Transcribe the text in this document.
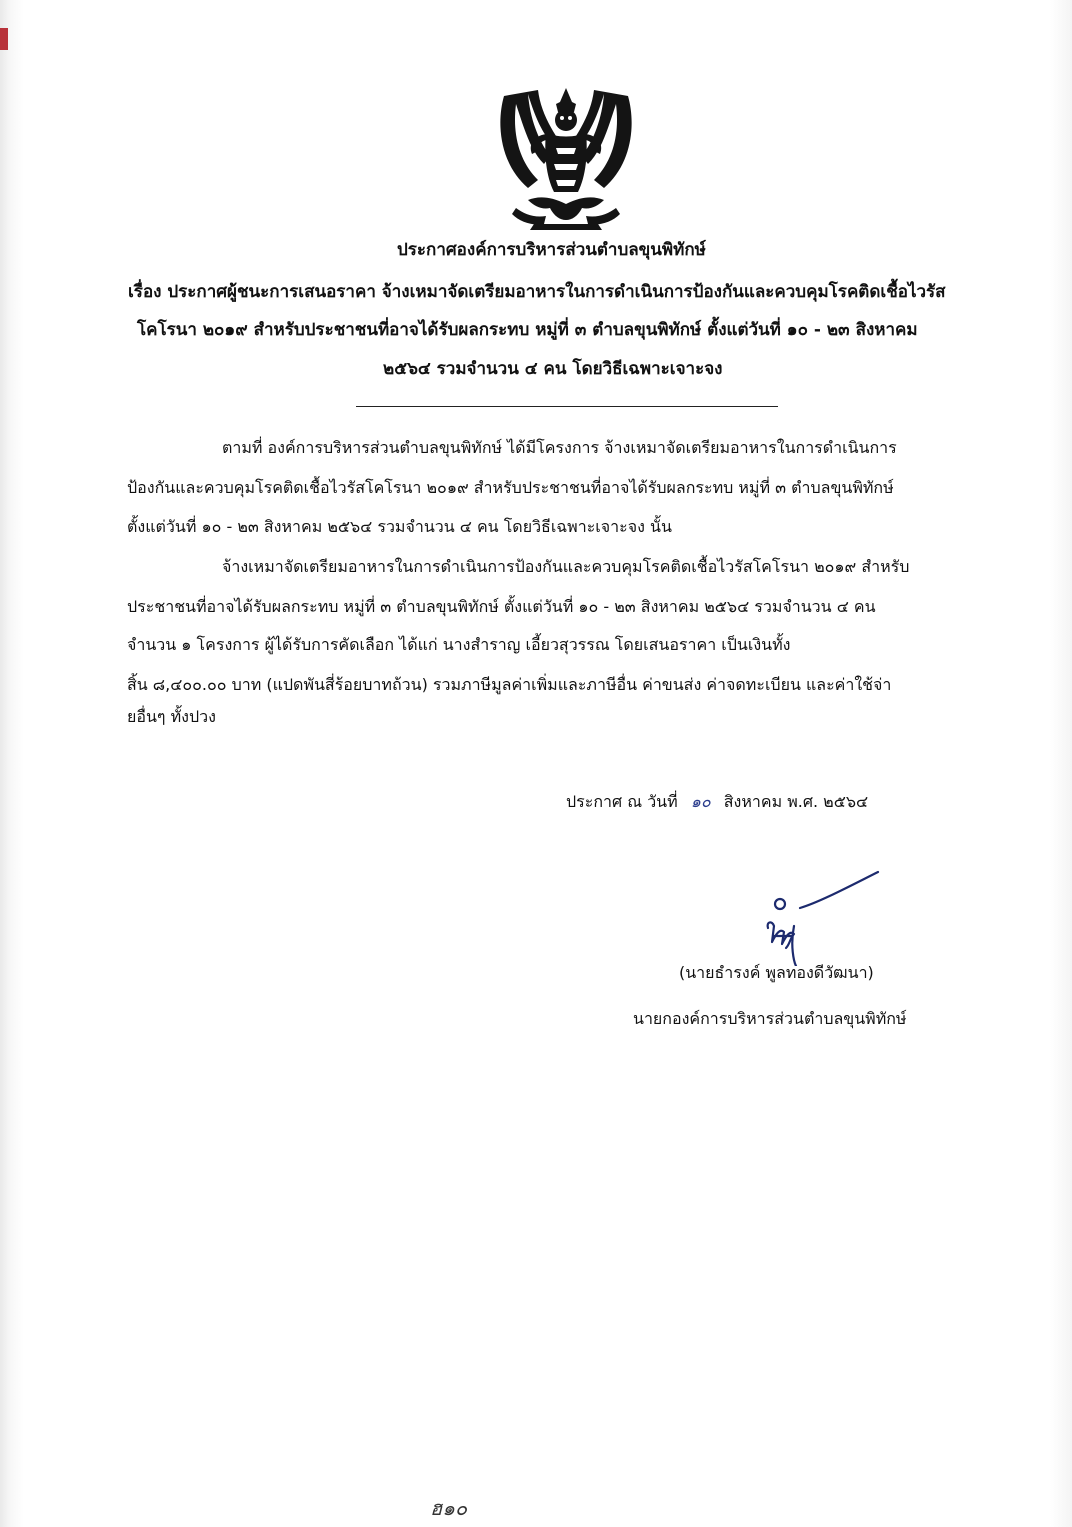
ประกาศองค์การบริหารส่วนตำบลขุนพิทักษ์
เรื่อง ประกาศผู้ชนะการเสนอราคา จ้างเหมาจัดเตรียมอาหารในการดำเนินการป้องกันและควบคุมโรคติดเชื้อไวรัส
โคโรนา ๒๐๑๙ สำหรับประชาชนที่อาจได้รับผลกระทบ หมู่ที่ ๓ ตำบลขุนพิทักษ์ ตั้งแต่วันที่ ๑๐ - ๒๓ สิงหาคม
๒๕๖๔ รวมจำนวน ๔ คน โดยวิธีเฉพาะเจาะจง
ตามที่ องค์การบริหารส่วนตำบลขุนพิทักษ์ ได้มีโครงการ จ้างเหมาจัดเตรียมอาหารในการดำเนินการ
ป้องกันและควบคุมโรคติดเชื้อไวรัสโคโรนา ๒๐๑๙ สำหรับประชาชนที่อาจได้รับผลกระทบ หมู่ที่ ๓ ตำบลขุนพิทักษ์
ตั้งแต่วันที่ ๑๐ - ๒๓ สิงหาคม ๒๕๖๔ รวมจำนวน ๔ คน โดยวิธีเฉพาะเจาะจง นั้น
จ้างเหมาจัดเตรียมอาหารในการดำเนินการป้องกันและควบคุมโรคติดเชื้อไวรัสโคโรนา ๒๐๑๙ สำหรับ
ประชาชนที่อาจได้รับผลกระทบ หมู่ที่ ๓ ตำบลขุนพิทักษ์ ตั้งแต่วันที่ ๑๐ - ๒๓ สิงหาคม ๒๕๖๔ รวมจำนวน ๔ คน
จำนวน ๑ โครงการ ผู้ได้รับการคัดเลือก ได้แก่ นางสำราญ เอี้ยวสุวรรณ โดยเสนอราคา เป็นเงินทั้ง
สิ้น ๘,๔๐๐.๐๐ บาท (แปดพันสี่ร้อยบาทถ้วน) รวมภาษีมูลค่าเพิ่มและภาษีอื่น ค่าขนส่ง ค่าจดทะเบียน และค่าใช้จ่า
ยอื่นๆ ทั้งปวง
ประกาศ ณ วันที่ ๑๐ สิงหาคม พ.ศ. ๒๕๖๔
(นายธำรงค์ พูลทองดีวัฒนา)
นายกองค์การบริหารส่วนตำบลขุนพิทักษ์
ฮ๑๐
